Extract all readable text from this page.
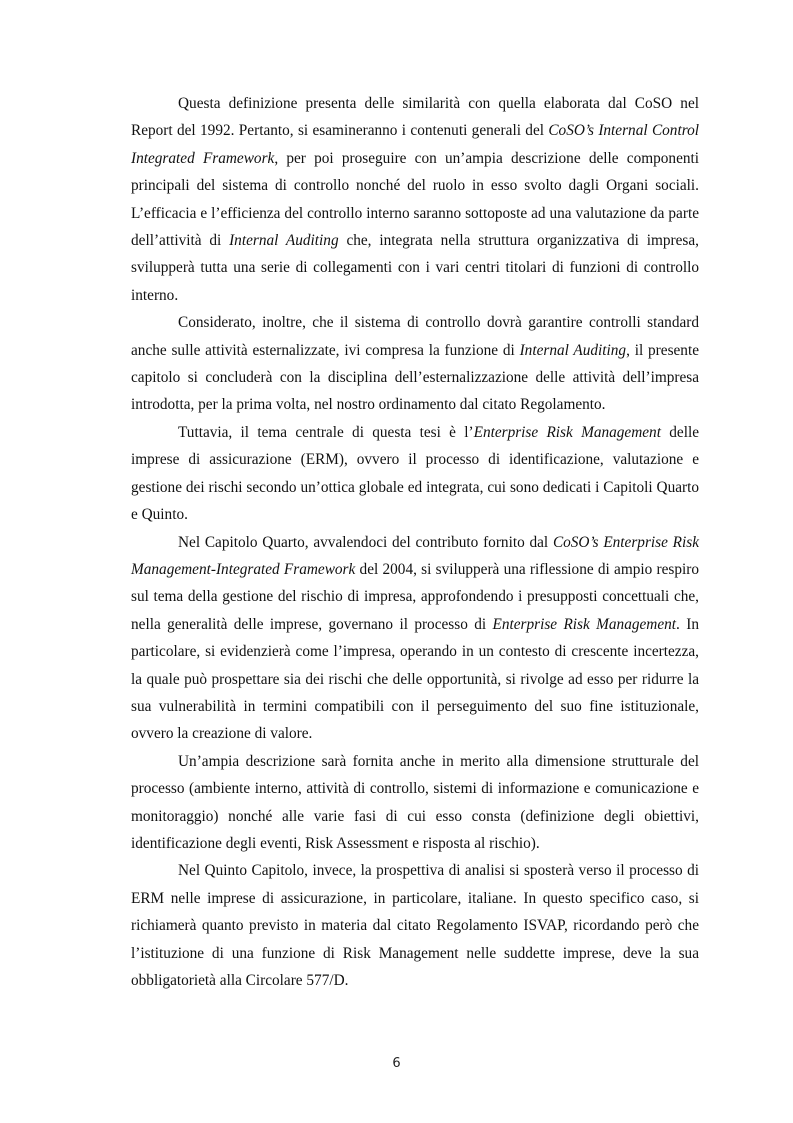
Questa definizione presenta delle similarità con quella elaborata dal CoSO nel Report del 1992. Pertanto, si esamineranno i contenuti generali del CoSO’s Internal Control Integrated Framework, per poi proseguire con un’ampia descrizione delle componenti principali del sistema di controllo nonché del ruolo in esso svolto dagli Organi sociali. L’efficacia e l’efficienza del controllo interno saranno sottoposte ad una valutazione da parte dell’attività di Internal Auditing che, integrata nella struttura organizzativa di impresa, svilupperà tutta una serie di collegamenti con i vari centri titolari di funzioni di controllo interno.

Considerato, inoltre, che il sistema di controllo dovrà garantire controlli standard anche sulle attività esternalizzate, ivi compresa la funzione di Internal Auditing, il presente capitolo si concluderà con la disciplina dell’esternalizzazione delle attività dell’impresa introdotta, per la prima volta, nel nostro ordinamento dal citato Regolamento.

Tuttavia, il tema centrale di questa tesi è l’Enterprise Risk Management delle imprese di assicurazione (ERM), ovvero il processo di identificazione, valutazione e gestione dei rischi secondo un’ottica globale ed integrata, cui sono dedicati i Capitoli Quarto e Quinto.

Nel Capitolo Quarto, avvalendoci del contributo fornito dal CoSO’s Enterprise Risk Management-Integrated Framework del 2004, si svilupperà una riflessione di ampio respiro sul tema della gestione del rischio di impresa, approfondendo i presupposti concettuali che, nella generalità delle imprese, governano il processo di Enterprise Risk Management. In particolare, si evidenzierà come l’impresa, operando in un contesto di crescente incertezza, la quale può prospettare sia dei rischi che delle opportunità, si rivolge ad esso per ridurre la sua vulnerabilità in termini compatibili con il perseguimento del suo fine istituzionale, ovvero la creazione di valore.

Un’ampia descrizione sarà fornita anche in merito alla dimensione strutturale del processo (ambiente interno, attività di controllo, sistemi di informazione e comunicazione e monitoraggio) nonché alle varie fasi di cui esso consta (definizione degli obiettivi, identificazione degli eventi, Risk Assessment e risposta al rischio).

Nel Quinto Capitolo, invece, la prospettiva di analisi si sposterà verso il processo di ERM nelle imprese di assicurazione, in particolare, italiane. In questo specifico caso, si richiamerà quanto previsto in materia dal citato Regolamento ISVAP, ricordando però che l’istituzione di una funzione di Risk Management nelle suddette imprese, deve la sua obbligatorietà alla Circolare 577/D.

6
